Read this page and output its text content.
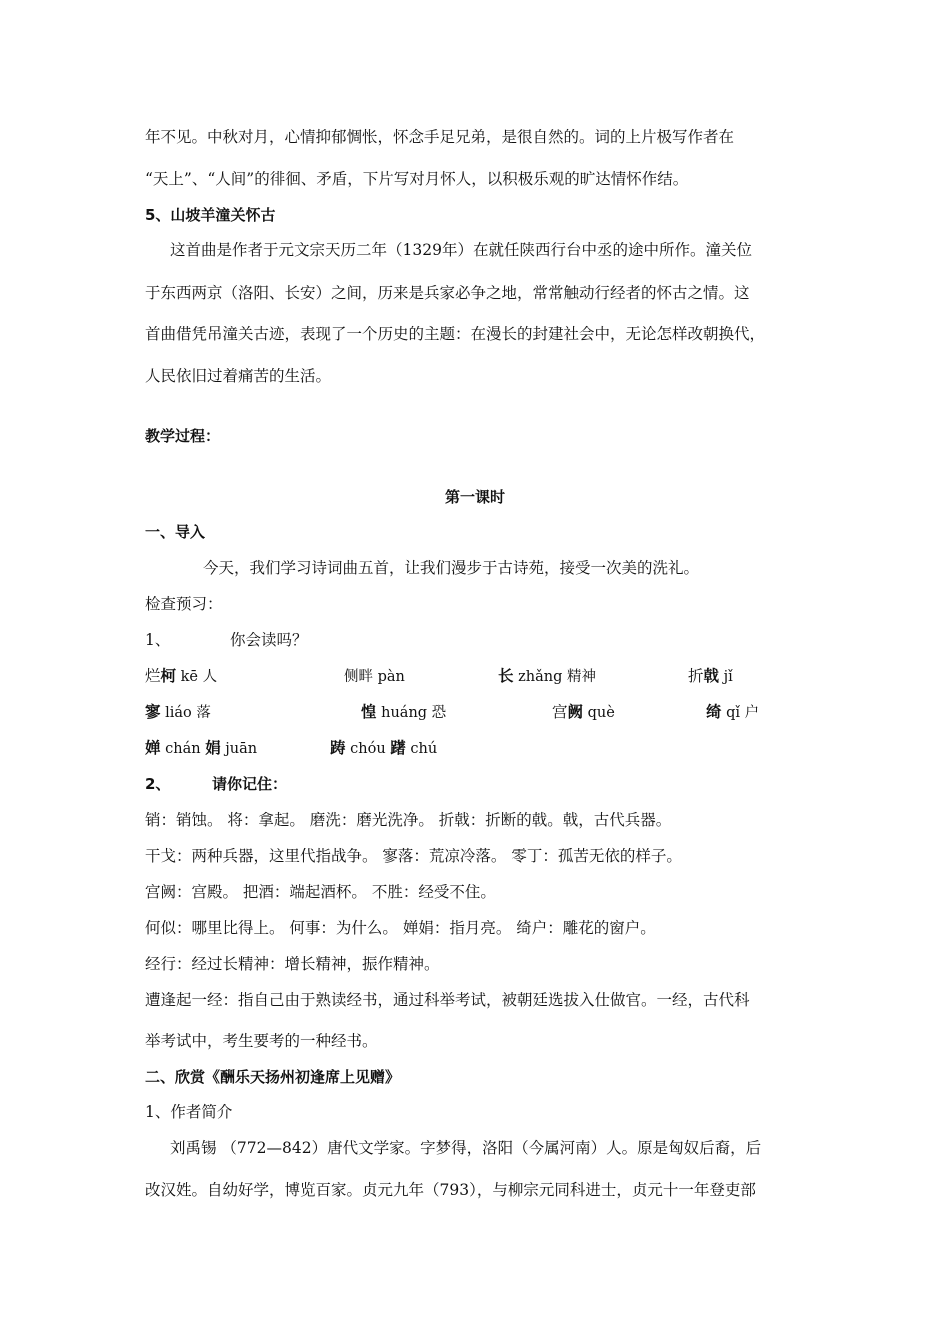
年不见。中秋对月，心情抑郁惆怅，怀念手足兄弟，是很自然的。词的上片极写作者在
“天上”、“人间”的徘徊、矛盾，下片写对月怀人，以积极乐观的旷达情怀作结。
5、山坡羊潼关怀古
这首曲是作者于元文宗天历二年（1329年）在就任陕西行台中丞的途中所作。潼关位
于东西两京（洛阳、长安）之间，历来是兵家必争之地，常常触动行经者的怀古之情。这
首曲借凭吊潼关古迹，表现了一个历史的主题：在漫长的封建社会中，无论怎样改朝换代，
人民依旧过着痛苦的生活。
教学过程：
第一课时
一、导入
今天，我们学习诗词曲五首，让我们漫步于古诗苑，接受一次美的洗礼。
检查预习：
1、	你会读吗？
烂柯 kē 人	侧畔 pàn	长 zhǎng 精神	折戟 jǐ
寥 liáo 落	惶 huáng 恐	宫阙 què	绮 qǐ 户
婵 chán 娟 juān	踌 chóu 躇 chú
2、	请你记住：
销：销蚀。 将：拿起。 磨洗：磨光洗净。 折戟：折断的戟。戟，古代兵器。
干戈：两种兵器，这里代指战争。 寥落：荒凉冷落。 零丁：孤苦无依的样子。
宫阙：宫殿。 把酒：端起酒杯。 不胜：经受不住。
何似：哪里比得上。 何事：为什么。 婵娟：指月亮。 绮户：雕花的窗户。
经行：经过长精神：增长精神，振作精神。
遭逢起一经：指自己由于熟读经书，通过科举考试，被朝廷选拔入仕做官。一经，古代科
举考试中，考生要考的一种经书。
二、欣赏《酬乐天扬州初逢席上见赠》
1、作者简介
刘禹锡 （772—842）唐代文学家。字梦得，洛阳（今属河南）人。原是匈奴后裔，后
改汉姓。自幼好学，博览百家。贞元九年（793），与柳宗元同科进士，贞元十一年登吏部
